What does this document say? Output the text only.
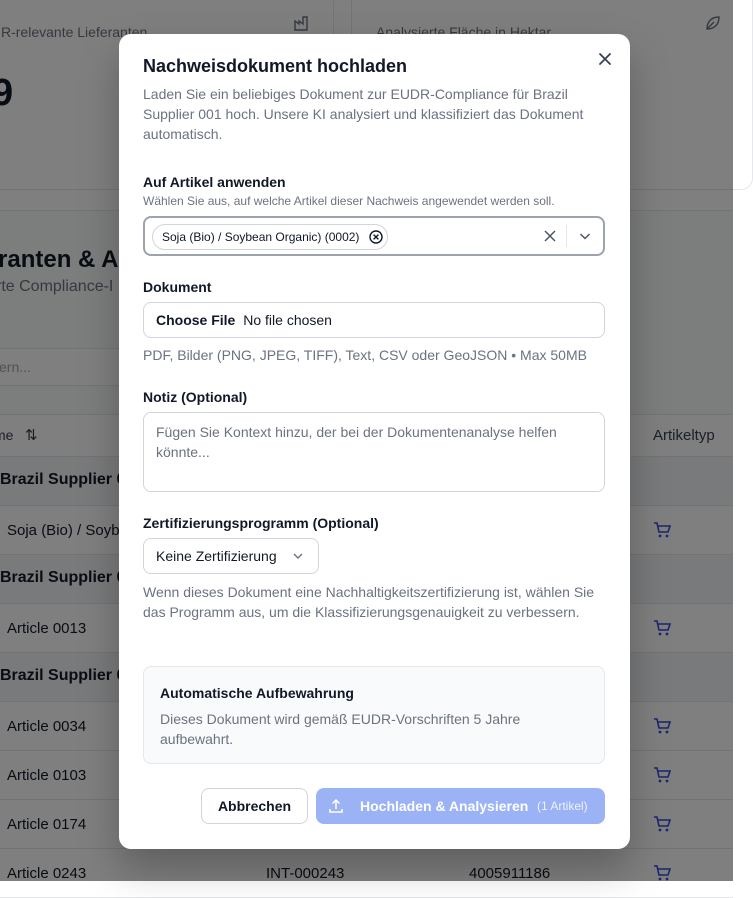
Nachweisdokument hochladen
Laden Sie ein beliebiges Dokument zur EUDR-Compliance für Brazil Supplier 001 hoch. Unsere KI analysiert und klassifiziert das Dokument automatisch.
Auf Artikel anwenden
Wählen Sie aus, auf welche Artikel dieser Nachweis angewendet werden soll.
Soja (Bio) / Soybean Organic) (0002)
Dokument
Choose File No file chosen
PDF, Bilder (PNG, JPEG, TIFF), Text, CSV oder GeoJSON • Max 50MB
Notiz (Optional)
Fügen Sie Kontext hinzu, der bei der Dokumentenanalyse helfen könnte...
Zertifizierungsprogramm (Optional)
Keine Zertifizierung
Wenn dieses Dokument eine Nachhaltigkeitszertifizierung ist, wählen Sie das Programm aus, um die Klassifizierungsgenauigkeit zu verbessern.
Automatische Aufbewahrung
Dieses Dokument wird gemäß EUDR-Vorschriften 5 Jahre aufbewahrt.
Abbrechen	Hochladen & Analysieren (1 Artikel)
